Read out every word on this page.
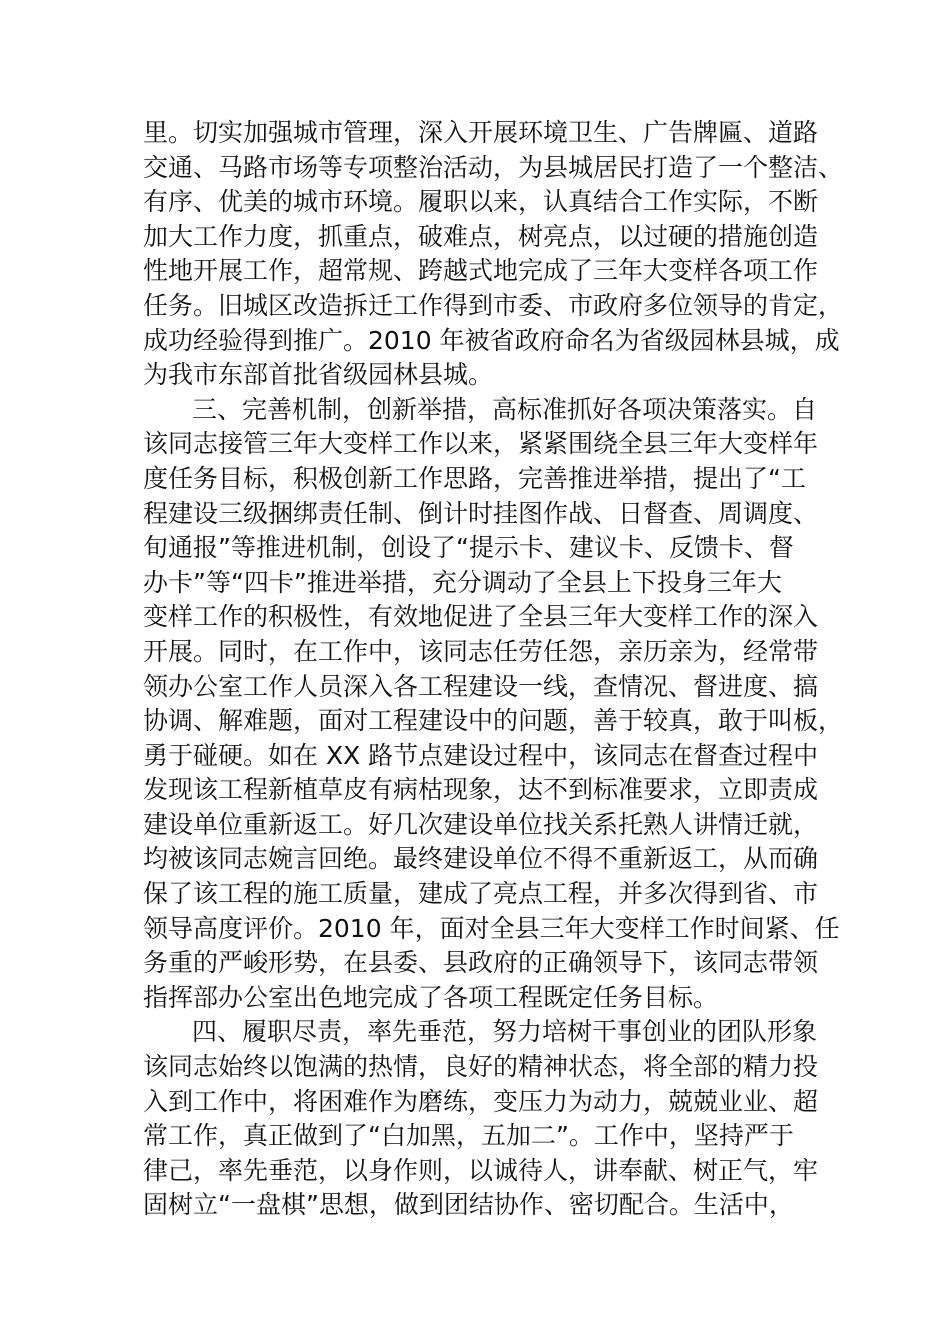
里。切实加强城市管理，深入开展环境卫生、广告牌匾、道路
交通、马路市场等专项整治活动，为县城居民打造了一个整洁、
有序、优美的城市环境。履职以来，认真结合工作实际，不断
加大工作力度，抓重点，破难点，树亮点，以过硬的措施创造
性地开展工作，超常规、跨越式地完成了三年大变样各项工作
任务。旧城区改造拆迁工作得到市委、市政府多位领导的肯定，
成功经验得到推广。2010 年被省政府命名为省级园林县城，成
为我市东部首批省级园林县城。
三、完善机制，创新举措，高标准抓好各项决策落实。自
该同志接管三年大变样工作以来，紧紧围绕全县三年大变样年
度任务目标，积极创新工作思路，完善推进举措，提出了“工
程建设三级捆绑责任制、倒计时挂图作战、日督查、周调度、
旬通报”等推进机制，创设了“提示卡、建议卡、反馈卡、督
办卡”等“四卡”推进举措，充分调动了全县上下投身三年大
变样工作的积极性，有效地促进了全县三年大变样工作的深入
开展。同时，在工作中，该同志任劳任怨，亲历亲为，经常带
领办公室工作人员深入各工程建设一线，查情况、督进度、搞
协调、解难题，面对工程建设中的问题，善于较真，敢于叫板，
勇于碰硬。如在 XX 路节点建设过程中，该同志在督查过程中
发现该工程新植草皮有病枯现象，达不到标准要求，立即责成
建设单位重新返工。好几次建设单位找关系托熟人讲情迁就，
均被该同志婉言回绝。最终建设单位不得不重新返工，从而确
保了该工程的施工质量，建成了亮点工程，并多次得到省、市
领导高度评价。2010 年，面对全县三年大变样工作时间紧、任
务重的严峻形势，在县委、县政府的正确领导下，该同志带领
指挥部办公室出色地完成了各项工程既定任务目标。
四、履职尽责，率先垂范，努力培树干事创业的团队形象
该同志始终以饱满的热情，良好的精神状态，将全部的精力投
入到工作中，将困难作为磨练，变压力为动力，兢兢业业、超
常工作，真正做到了“白加黑，五加二”。工作中，坚持严于
律己，率先垂范，以身作则，以诚待人，讲奉献、树正气，牢
固树立“一盘棋”思想，做到团结协作、密切配合。生活中，
